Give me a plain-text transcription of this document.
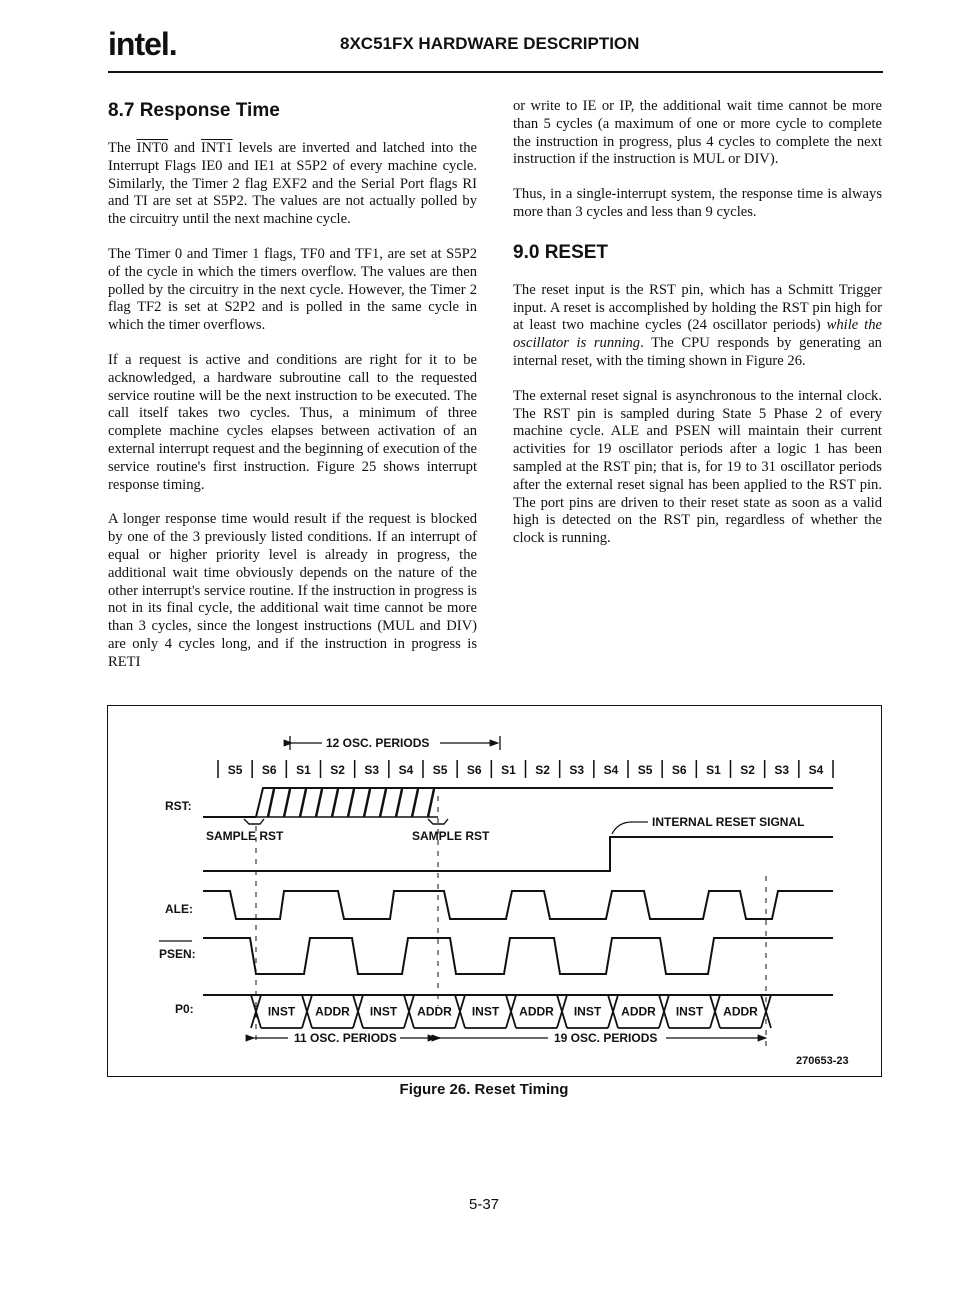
intel.	8XC51FX HARDWARE DESCRIPTION
8.7 Response Time

The INT0 and INT1 levels are inverted and latched into the Interrupt Flags IE0 and IE1 at S5P2 of every machine cycle. Similarly, the Timer 2 flag EXF2 and the Serial Port flags RI and TI are set at S5P2. The values are not actually polled by the circuitry until the next machine cycle.

The Timer 0 and Timer 1 flags, TF0 and TF1, are set at S5P2 of the cycle in which the timers overflow. The values are then polled by the circuitry in the next cycle. However, the Timer 2 flag TF2 is set at S2P2 and is polled in the same cycle in which the timer overflows.

If a request is active and conditions are right for it to be acknowledged, a hardware subroutine call to the requested service routine will be the next instruction to be executed. The call itself takes two cycles. Thus, a minimum of three complete machine cycles elapses between activation of an external interrupt request and the beginning of execution of the service routine's first instruction. Figure 25 shows interrupt response timing.

A longer response time would result if the request is blocked by one of the 3 previously listed conditions. If an interrupt of equal or higher priority level is already in progress, the additional wait time obviously depends on the nature of the other interrupt's service routine. If the instruction in progress is not in its final cycle, the additional wait time cannot be more than 3 cycles, since the longest instructions (MUL and DIV) are only 4 cycles long, and if the instruction in progress is RETI

or write to IE or IP, the additional wait time cannot be more than 5 cycles (a maximum of one or more cycle to complete the instruction in progress, plus 4 cycles to complete the next instruction if the instruction is MUL or DIV).

Thus, in a single-interrupt system, the response time is always more than 3 cycles and less than 9 cycles.

9.0 RESET

The reset input is the RST pin, which has a Schmitt Trigger input. A reset is accomplished by holding the RST pin high for at least two machine cycles (24 oscillator periods) while the oscillator is running. The CPU responds by generating an internal reset, with the timing shown in Figure 26.

The external reset signal is asynchronous to the internal clock. The RST pin is sampled during State 5 Phase 2 of every machine cycle. ALE and PSEN will maintain their current activities for 19 oscillator periods after a logic 1 has been sampled at the RST pin; that is, for 19 to 31 oscillator periods after the external reset signal has been applied to the RST pin. The port pins are driven to their reset state as soon as a valid high is detected on the RST pin, regardless of whether the clock is running.

12 OSC. PERIODS
S5 S6 S1 S2 S3 S4 S5 S6 S1 S2 S3 S4 S5 S6 S1 S2 S3 S4
RST:
SAMPLE RST	SAMPLE RST
INTERNAL RESET SIGNAL
ALE:
PSEN:
P0:	INST ADDR INST ADDR INST ADDR INST ADDR INST ADDR
11 OSC. PERIODS	19 OSC. PERIODS
270653-23
Figure 26. Reset Timing
5-37
